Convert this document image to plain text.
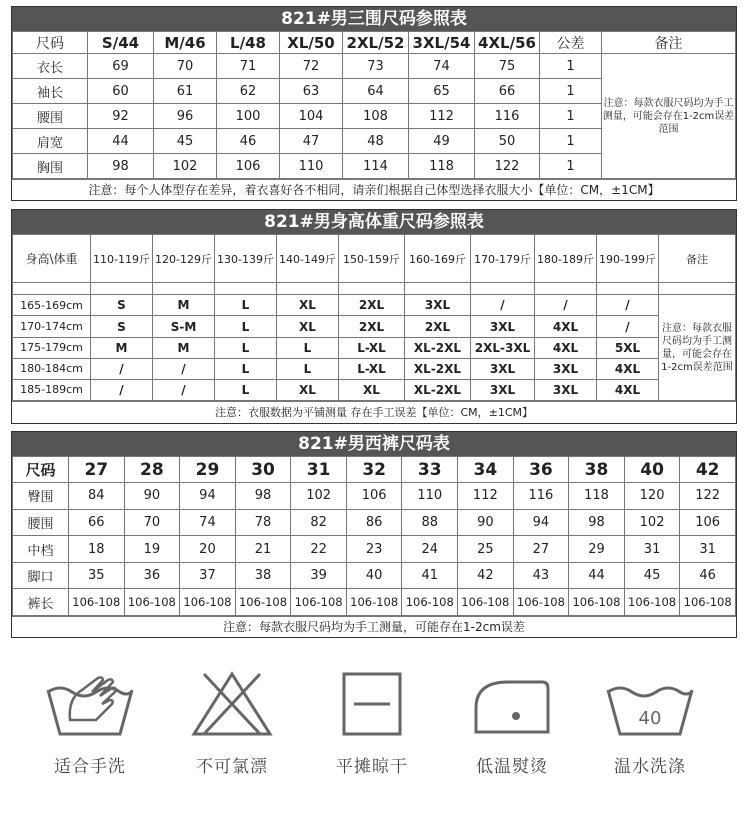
821#男三围尺码参照表
尺码	S/44	M/46	L/48	XL/50	2XL/52	3XL/54	4XL/56	公差	备注
衣长	69	70	71	72	73	74	75	1	注意：每款衣服尺码均为手工测量，可能会存在1-2cm误差范围
袖长	60	61	62	63	64	65	66	1	
腰围	92	96	100	104	108	112	116	1	
肩宽	44	45	46	47	48	49	50	1	
胸围	98	102	106	110	114	118	122	1	
注意：每个人体型存在差异，着衣喜好各不相同，请亲们根据自己体型选择衣服大小【单位：CM，±1CM】
821#男身高体重尺码参照表
身高\体重	110-119斤	120-129斤	130-139斤	140-149斤	150-159斤	160-169斤	170-179斤	180-189斤	190-199斤	备注

165-169cm	S	M	L	XL	2XL	3XL	/	/	/	注意：每款衣服尺码均为手工测量，可能会存在1-2cm误差范围
170-174cm	S	S-M	L	XL	2XL	2XL	3XL	4XL	/	
175-179cm	M	M	L	L	L-XL	XL-2XL	2XL-3XL	4XL	5XL	
180-184cm	/	/	L	L	L-XL	XL-2XL	3XL	3XL	4XL	
185-189cm	/	/	L	XL	XL	XL-2XL	3XL	3XL	4XL	
注意：衣服数据为平铺测量 存在手工误差【单位：CM，±1CM】
821#男西裤尺码表
尺码	27	28	29	30	31	32	33	34	36	38	40	42
臀围	84	90	94	98	102	106	110	112	116	118	120	122
腰围	66	70	74	78	82	86	88	90	94	98	102	106
中档	18	19	20	21	22	23	24	25	27	29	31	31
脚口	35	36	37	38	39	40	41	42	43	44	45	46
裤长	106-108	106-108	106-108	106-108	106-108	106-108	106-108	106-108	106-108	106-108	106-108	106-108
注意：每款衣服尺码均为手工测量，可能存在1-2cm误差
适合手洗	不可氯漂	平摊晾干	低温熨烫
40
温水洗涤
